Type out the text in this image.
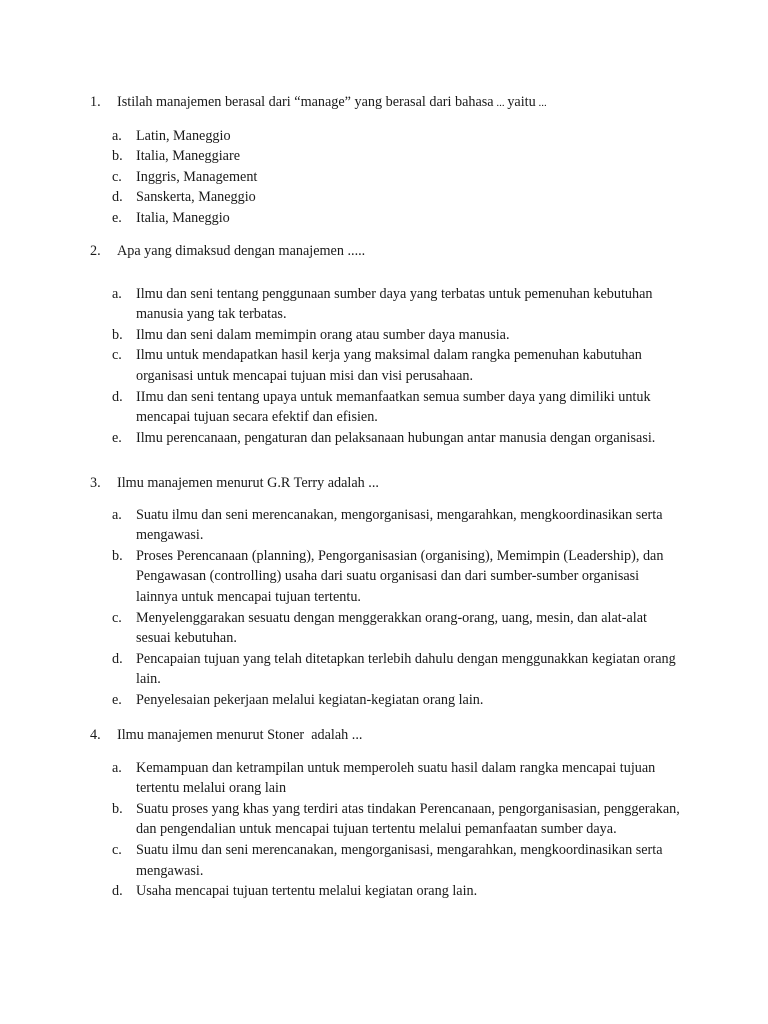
1.	Istilah manajemen berasal dari “manage” yang berasal dari bahasa ... yaitu ...
a. Latin, Maneggio
b. Italia, Maneggiare
c. Inggris, Management
d. Sanskerta, Maneggio
e. Italia, Maneggio
2.	Apa yang dimaksud dengan manajemen .....
a. Ilmu dan seni tentang penggunaan sumber daya yang terbatas untuk pemenuhan kebutuhan manusia yang tak terbatas.
b. Ilmu dan seni dalam memimpin orang atau sumber daya manusia.
c. Ilmu untuk mendapatkan hasil kerja yang maksimal dalam rangka pemenuhan kabutuhan organisasi untuk mencapai tujuan misi dan visi perusahaan.
d. IImu dan seni tentang upaya untuk memanfaatkan semua sumber daya yang dimiliki untuk mencapai tujuan secara efektif dan efisien.
e. Ilmu perencanaan, pengaturan dan pelaksanaan hubungan antar manusia dengan organisasi.
3.	Ilmu manajemen menurut G.R Terry adalah ...
a. Suatu ilmu dan seni merencanakan, mengorganisasi, mengarahkan, mengkoordinasikan serta mengawasi.
b. Proses Perencanaan (planning), Pengorganisasian (organising), Memimpin (Leadership), dan Pengawasan (controlling) usaha dari suatu organisasi dan dari sumber-sumber organisasi lainnya untuk mencapai tujuan tertentu.
c. Menyelenggarakan sesuatu dengan menggerakkan orang-orang, uang, mesin, dan alat-alat sesuai kebutuhan.
d. Pencapaian tujuan yang telah ditetapkan terlebih dahulu dengan menggunakkan kegiatan orang lain.
e. Penyelesaian pekerjaan melalui kegiatan-kegiatan orang lain.
4.	Ilmu manajemen menurut Stoner  adalah ...
a. Kemampuan dan ketrampilan untuk memperoleh suatu hasil dalam rangka mencapai tujuan tertentu melalui orang lain
b. Suatu proses yang khas yang terdiri atas tindakan Perencanaan, pengorganisasian, penggerakan, dan pengendalian untuk mencapai tujuan tertentu melalui pemanfaatan sumber daya.
c. Suatu ilmu dan seni merencanakan, mengorganisasi, mengarahkan, mengkoordinasikan serta mengawasi.
d. Usaha mencapai tujuan tertentu melalui kegiatan orang lain.
